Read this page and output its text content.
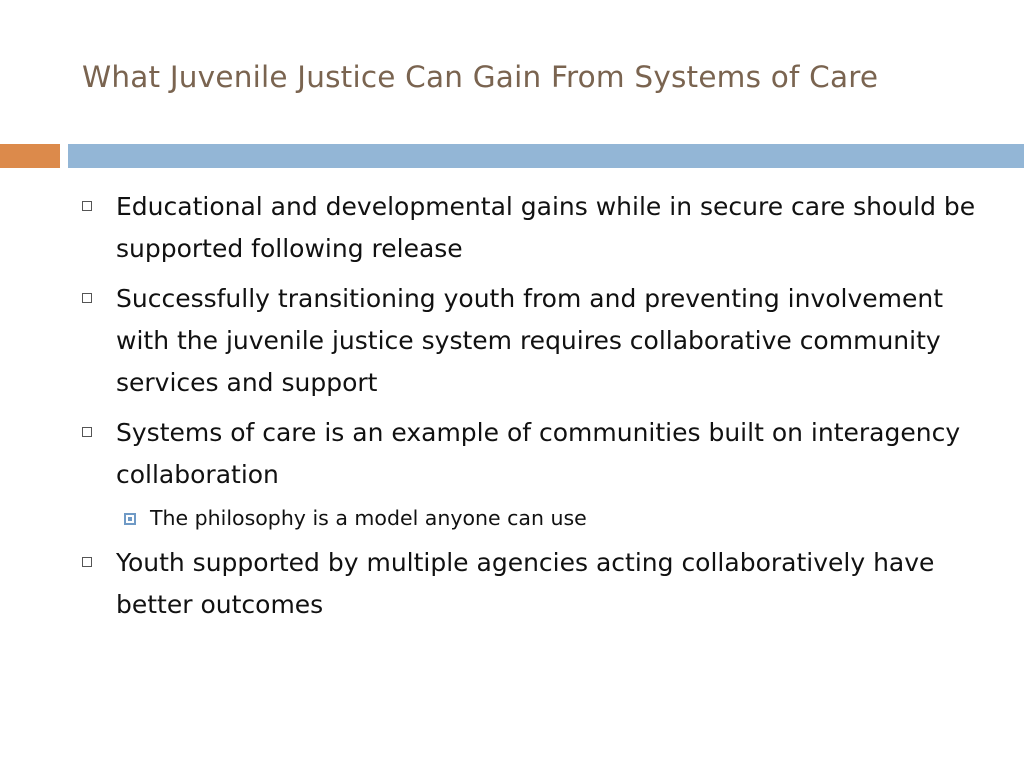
What Juvenile Justice Can Gain From Systems of Care
Educational and developmental gains while in secure care should be supported following release
Successfully transitioning youth from and preventing involvement with the juvenile justice system requires collaborative community services and support
Systems of care is an example of communities built on interagency collaboration
The philosophy is a model anyone can use
Youth supported by multiple agencies acting collaboratively have better outcomes
